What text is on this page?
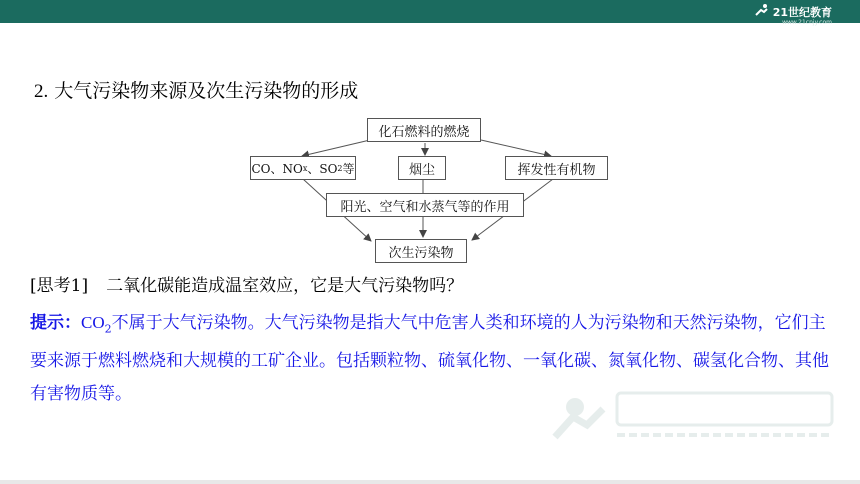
21世纪教育
www.21cnjy.com
2. 大气污染物来源及次生污染物的形成
化石燃料的燃烧
CO、NO x 、SO 2 等	烟尘	挥发性有机物
阳光、空气和水蒸气等的作用
次生污染物
[思考1] 二氧化碳能造成温室效应，它是大气污染物吗？
提示：$CO_2$不属于大气污染物。大气污染物是指大气中危害人类和环境的人为污染物和天然污染物，它们主要来源于燃料燃烧和大规模的工矿企业。包括颗粒物、硫氧化物、一氧化碳、氮氧化物、碳氢化合物、其他有害物质等。
